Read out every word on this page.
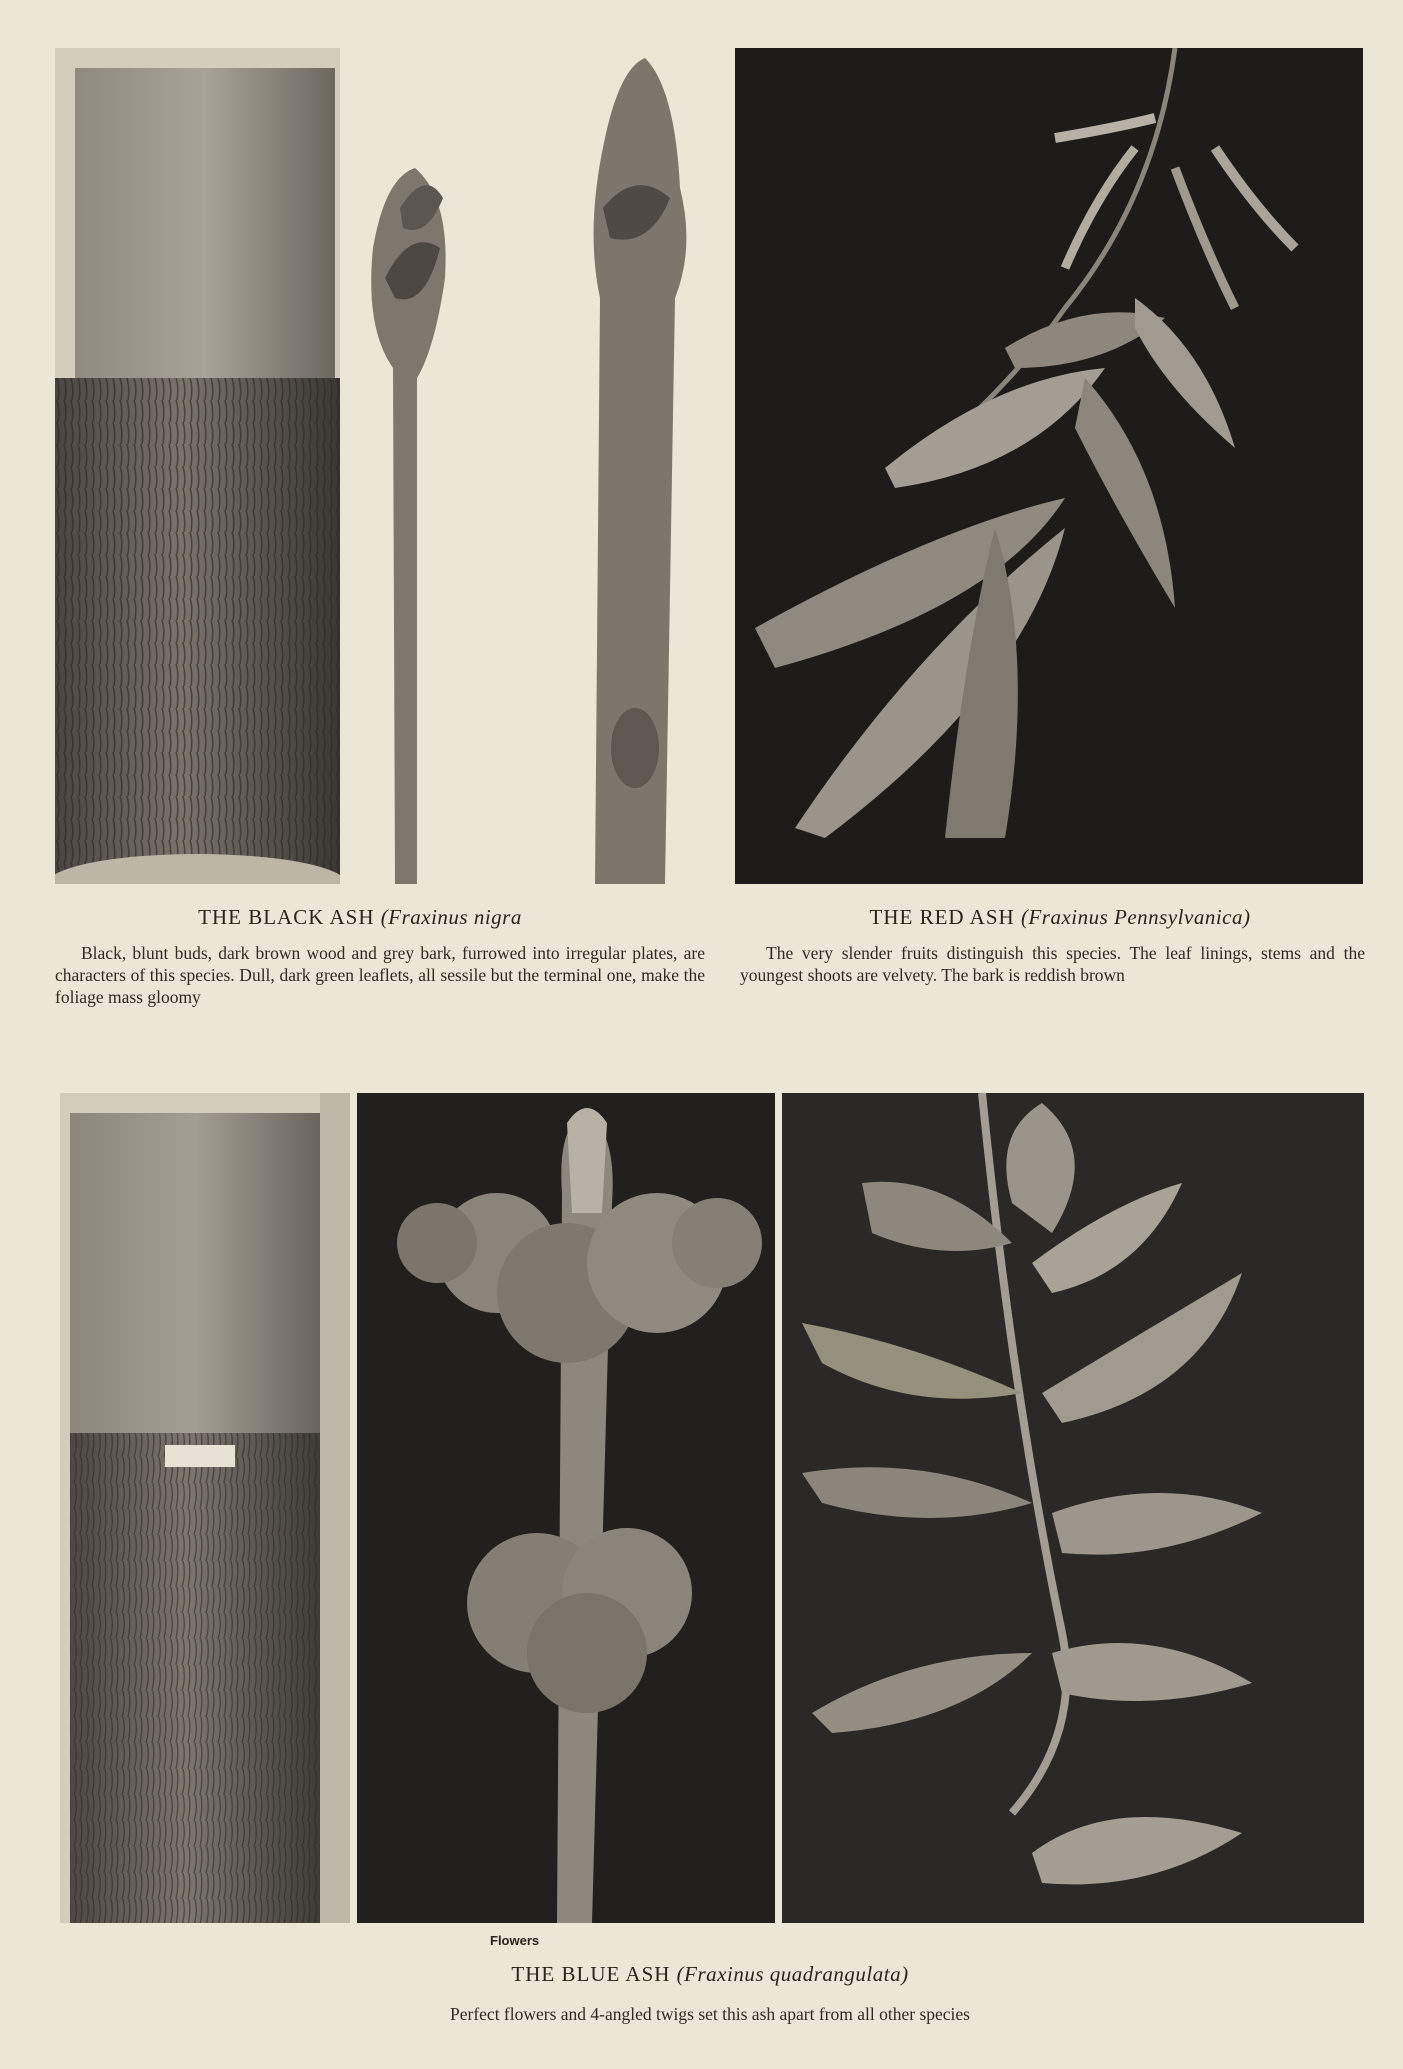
THE BLACK ASH (Fraxinus nigra
Black, blunt buds, dark brown wood and grey bark, furrowed into irregular plates, are characters of this species. Dull, dark green leaflets, all sessile but the terminal one, make the foliage mass gloomy
THE RED ASH (Fraxinus Pennsylvanica)
The very slender fruits distinguish this species. The leaf linings, stems and the youngest shoots are velvety. The bark is reddish brown
Flowers
THE BLUE ASH (Fraxinus quadrangulata)
Perfect flowers and 4-angled twigs set this ash apart from all other species
